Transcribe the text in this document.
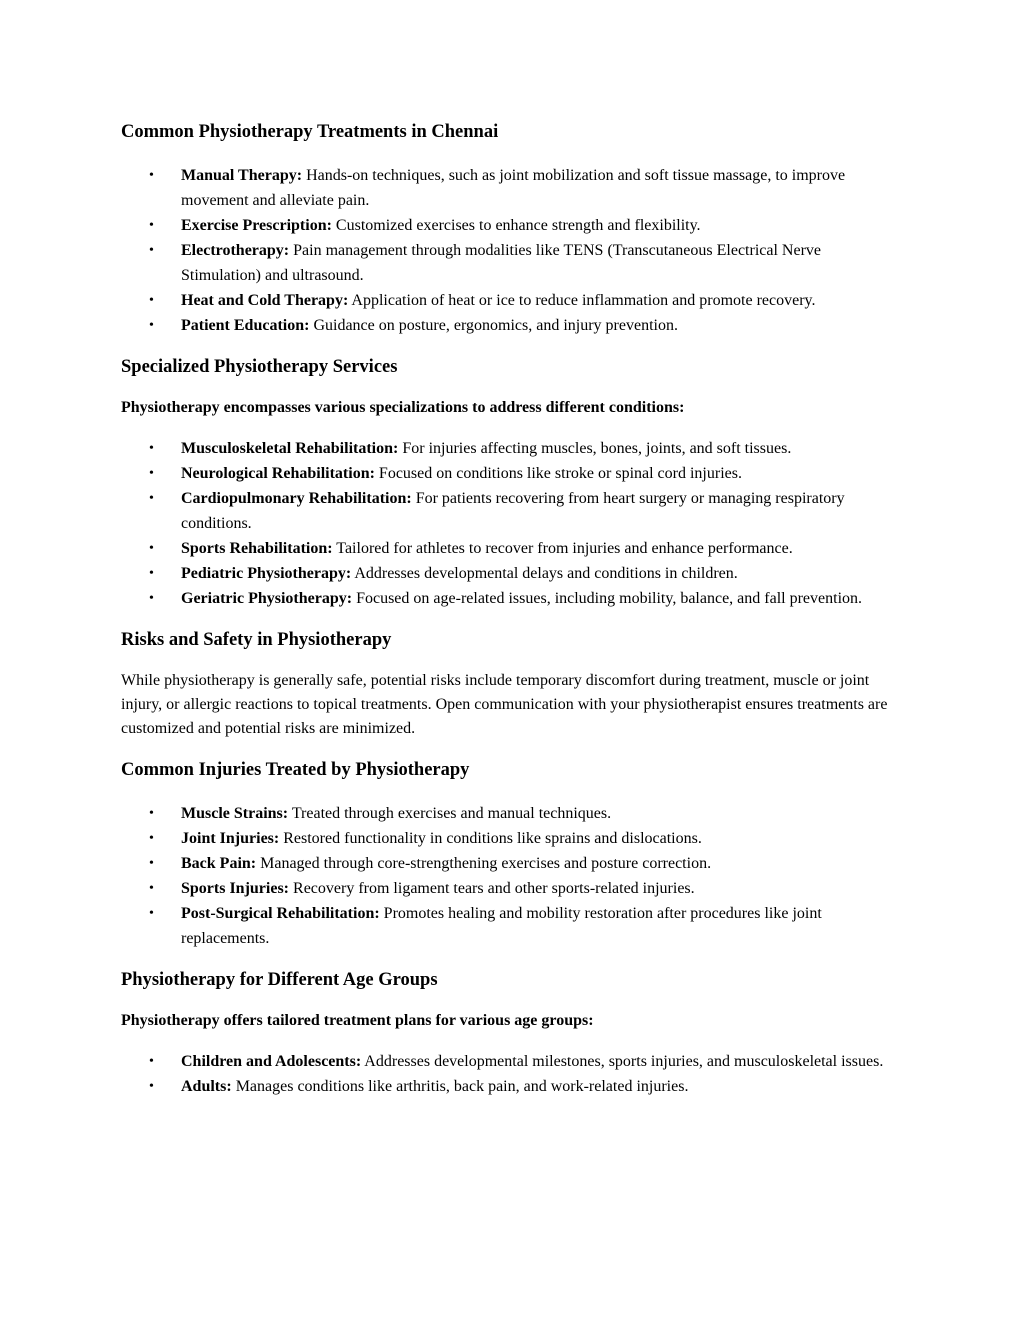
Common Physiotherapy Treatments in Chennai
• Manual Therapy: Hands-on techniques, such as joint mobilization and soft tissue massage, to improve movement and alleviate pain.
• Exercise Prescription: Customized exercises to enhance strength and flexibility.
• Electrotherapy: Pain management through modalities like TENS (Transcutaneous Electrical Nerve Stimulation) and ultrasound.
• Heat and Cold Therapy: Application of heat or ice to reduce inflammation and promote recovery.
• Patient Education: Guidance on posture, ergonomics, and injury prevention.
Specialized Physiotherapy Services

Physiotherapy encompasses various specializations to address different conditions:

• Musculoskeletal Rehabilitation: For injuries affecting muscles, bones, joints, and soft tissues.
• Neurological Rehabilitation: Focused on conditions like stroke or spinal cord injuries.
• Cardiopulmonary Rehabilitation: For patients recovering from heart surgery or managing respiratory conditions.
• Sports Rehabilitation: Tailored for athletes to recover from injuries and enhance performance.
• Pediatric Physiotherapy: Addresses developmental delays and conditions in children.
• Geriatric Physiotherapy: Focused on age-related issues, including mobility, balance, and fall prevention.
Risks and Safety in Physiotherapy

While physiotherapy is generally safe, potential risks include temporary discomfort during treatment, muscle or joint injury, or allergic reactions to topical treatments. Open communication with your physiotherapist ensures treatments are customized and potential risks are minimized.

Common Injuries Treated by Physiotherapy
• Muscle Strains: Treated through exercises and manual techniques.
• Joint Injuries: Restored functionality in conditions like sprains and dislocations.
• Back Pain: Managed through core-strengthening exercises and posture correction.
• Sports Injuries: Recovery from ligament tears and other sports-related injuries.
• Post-Surgical Rehabilitation: Promotes healing and mobility restoration after procedures like joint replacements.
Physiotherapy for Different Age Groups

Physiotherapy offers tailored treatment plans for various age groups:

• Children and Adolescents: Addresses developmental milestones, sports injuries, and musculoskeletal issues.
• Adults: Manages conditions like arthritis, back pain, and work-related injuries.
